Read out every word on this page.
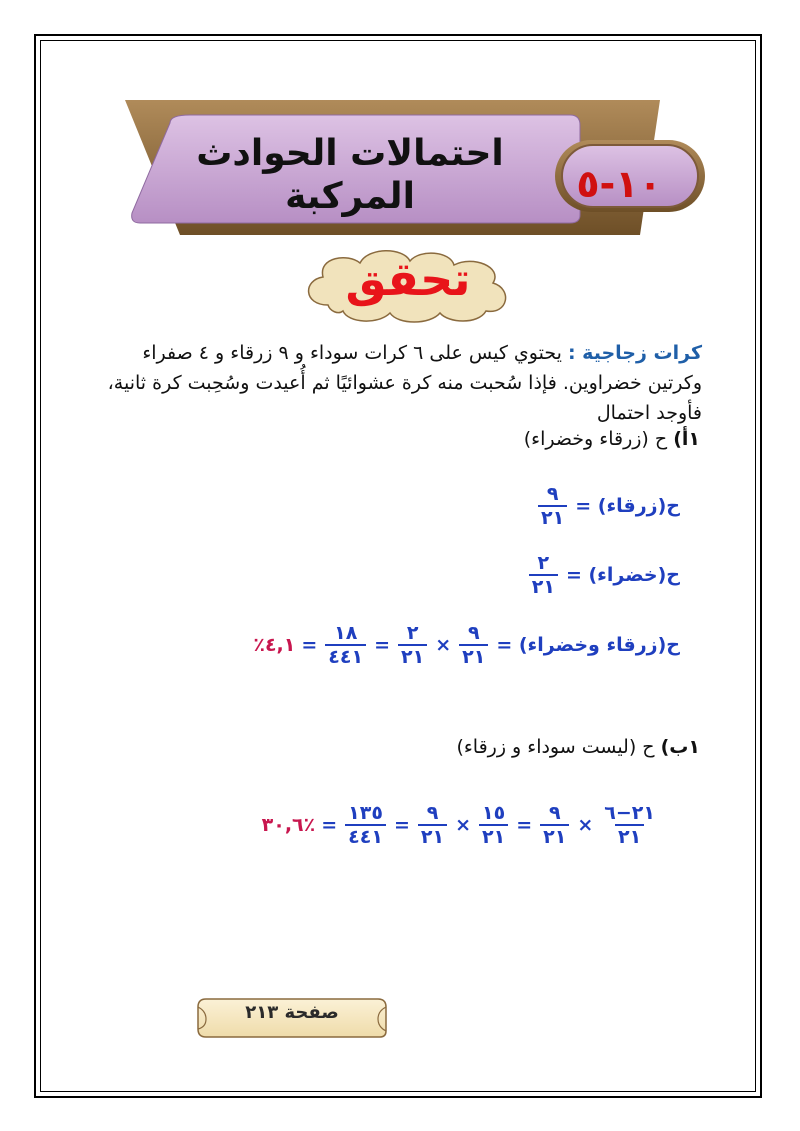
احتمالات الحوادث
المركبة	١٠-٥
تحقق
كرات زجاجية : يحتوي كيس على ٦ كرات سوداء و ٩ زرقاء و ٤ صفراء
وكرتين خضراوين. فإذا سُحبت منه كرة عشوائيًا ثم أُعيدت وسُحِبت كرة ثانية،
فأوجد احتمال
١أ) ح (زرقاء وخضراء)
ح(زرقاء) =
$\frac{٩}{٢١}$
ح(خضراء) =
$\frac{٢}{٢١}$
ح(زرقاء وخضراء) =
$\frac{٩}{٢١}$
×
$\frac{٢}{٢١}$
=
$\frac{١٨}{٤٤١}$
=
٤,١٪
١ب) ح (ليست سوداء و زرقاء)
٣٠,٦٪ = $\frac{١٣٥}{٤٤١} = \frac{٩}{٢١} \times \frac{١٥}{٢١} = \frac{٩}{٢١} \times \frac{٢١-٦}{٢١}$
صفحة ٢١٣
